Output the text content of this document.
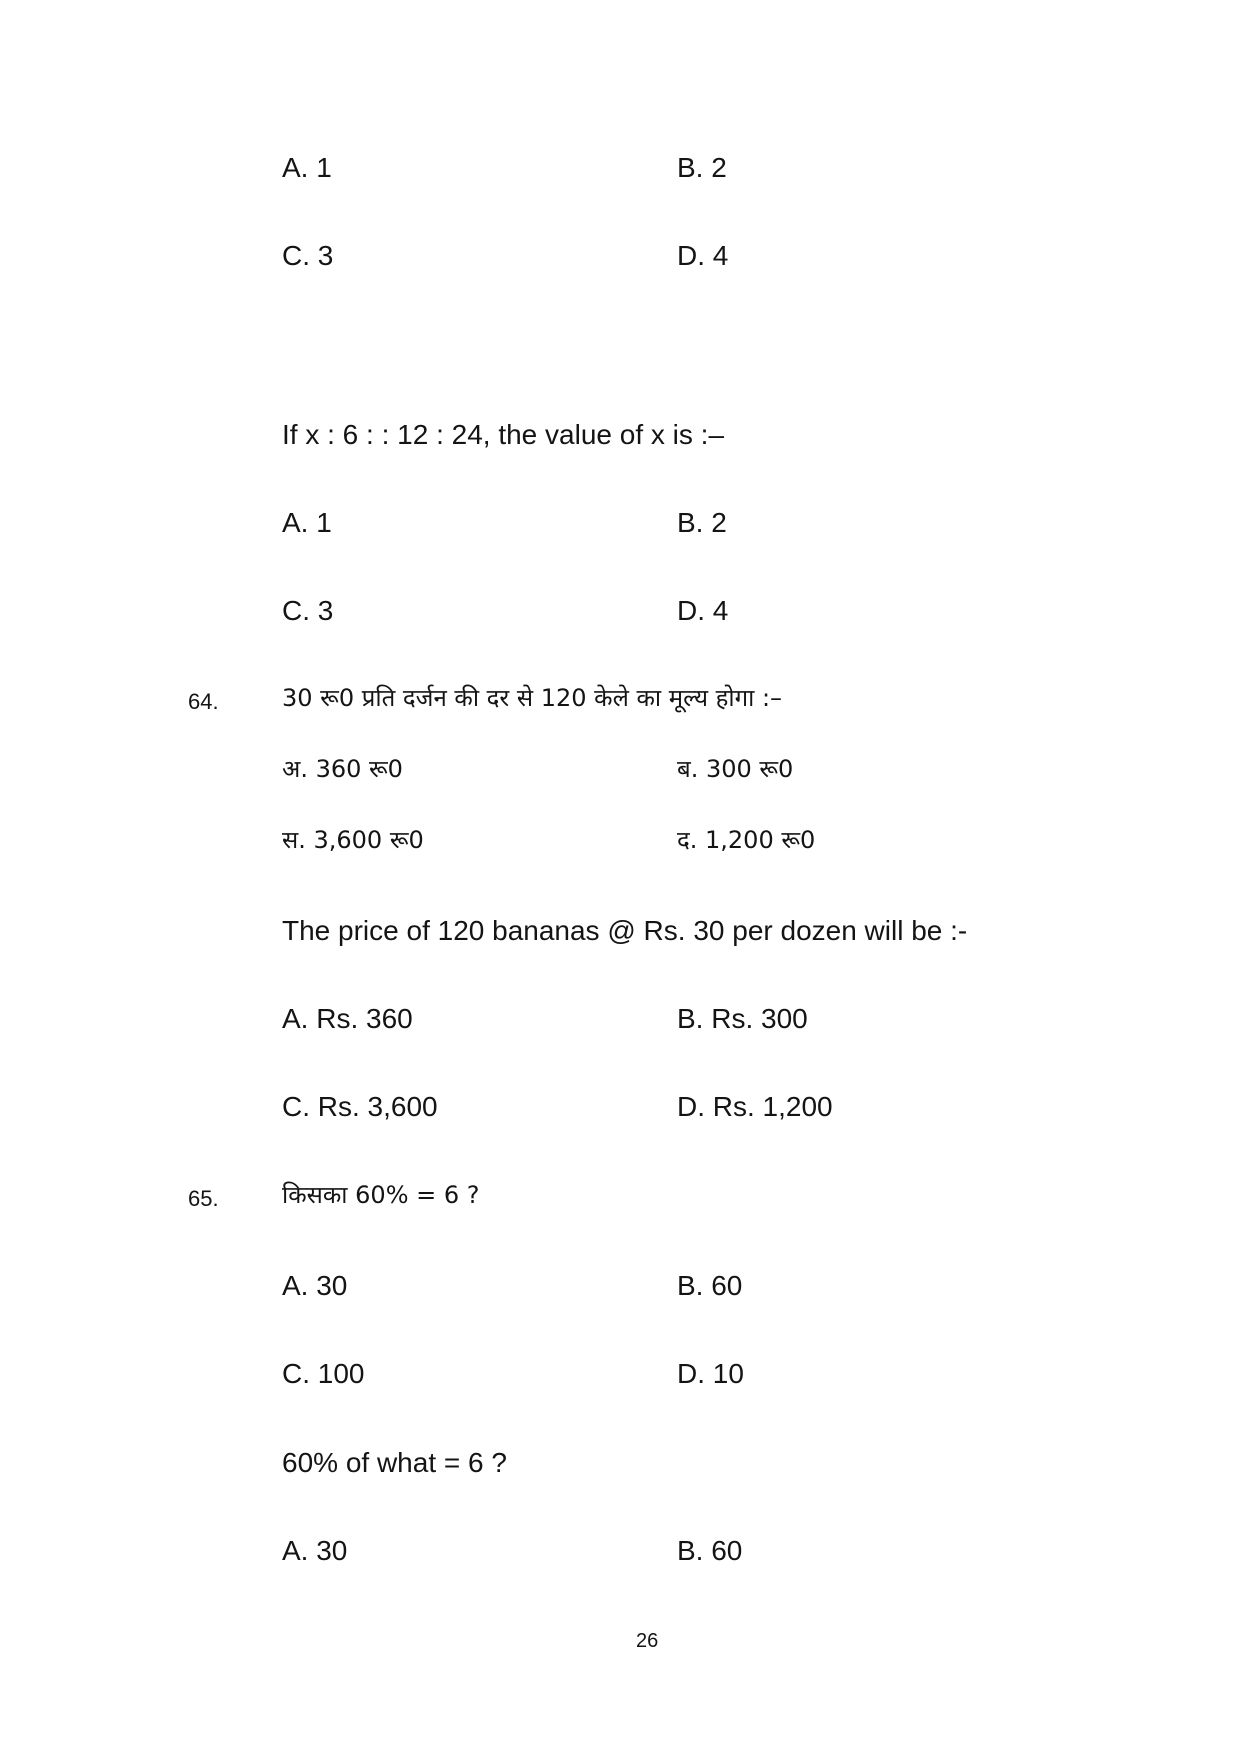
A. 1	B. 2
C. 3	D. 4
If x : 6 : : 12 : 24, the value of x is :–
A. 1	B. 2
C. 3	D. 4
64.	30 रू0 प्रति दर्जन की दर से 120 केले का मूल्य होगा :–
अ. 360 रू0	ब. 300 रू0
स. 3,600 रू0	द. 1,200 रू0
The price of 120 bananas @ Rs. 30 per dozen will be :-
A. Rs. 360	B. Rs. 300
C. Rs. 3,600	D. Rs. 1,200
65.	किसका 60% = 6 ?
A. 30	B. 60
C. 100	D. 10
60% of what = 6 ?
A. 30	B. 60
26
